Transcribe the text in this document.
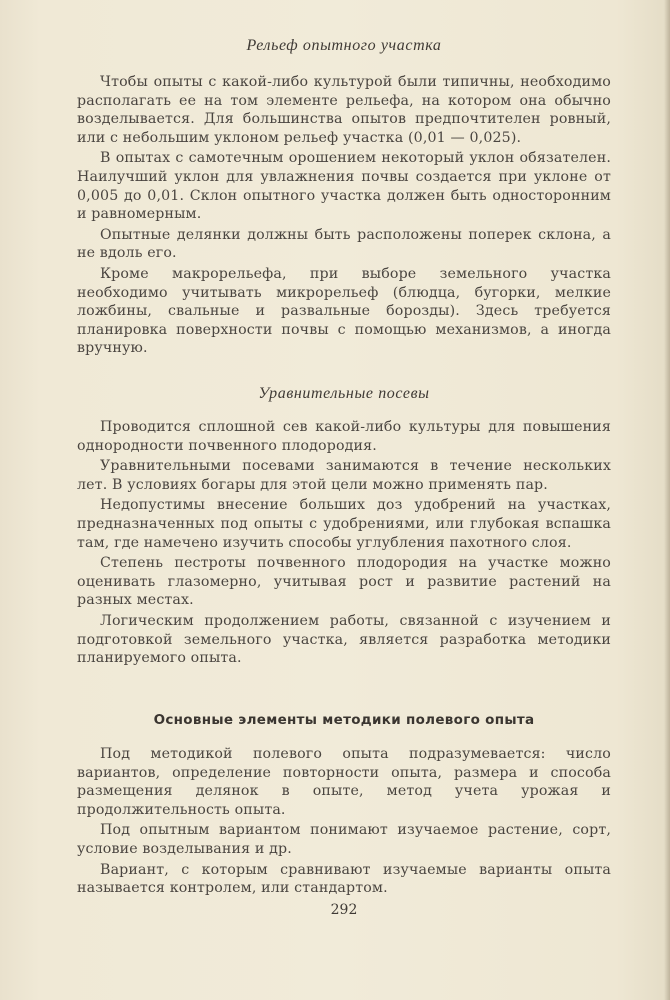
Рельеф опытного участка

Чтобы опыты с какой-либо культурой были типичны, необходимо располагать ее на том элементе рельефа, на котором она обычно возделывается. Для большинства опытов предпочтителен ровный, или с небольшим уклоном рельеф участка (0,01 — 0,025).

В опытах с самотечным орошением некоторый уклон обязателен. Наилучший уклон для увлажнения почвы создается при уклоне от 0,005 до 0,01. Склон опытного участка должен быть односторонним и равномерным.

Опытные делянки должны быть расположены поперек склона, а не вдоль его.

Кроме макрорельефа, при выборе земельного участка необходимо учитывать микрорельеф (блюдца, бугорки, мелкие ложбины, свальные и развальные борозды). Здесь требуется планировка поверхности почвы с помощью механизмов, а иногда вручную.

Уравнительные посевы

Проводится сплошной сев какой-либо культуры для повышения однородности почвенного плодородия.

Уравнительными посевами занимаются в течение нескольких лет. В условиях богары для этой цели можно применять пар.

Недопустимы внесение больших доз удобрений на участках, предназначенных под опыты с удобрениями, или глубокая вспашка там, где намечено изучить способы углубления пахотного слоя.

Степень пестроты почвенного плодородия на участке можно оценивать глазомерно, учитывая рост и развитие растений на разных местах.

Логическим продолжением работы, связанной с изучением и подготовкой земельного участка, является разработка методики планируемого опыта.

Основные элементы методики полевого опыта

Под методикой полевого опыта подразумевается: число вариантов, определение повторности опыта, размера и способа размещения делянок в опыте, метод учета урожая и продолжительность опыта.

Под опытным вариантом понимают изучаемое растение, сорт, условие возделывания и др.

Вариант, с которым сравнивают изучаемые варианты опыта называется контролем, или стандартом.

292
